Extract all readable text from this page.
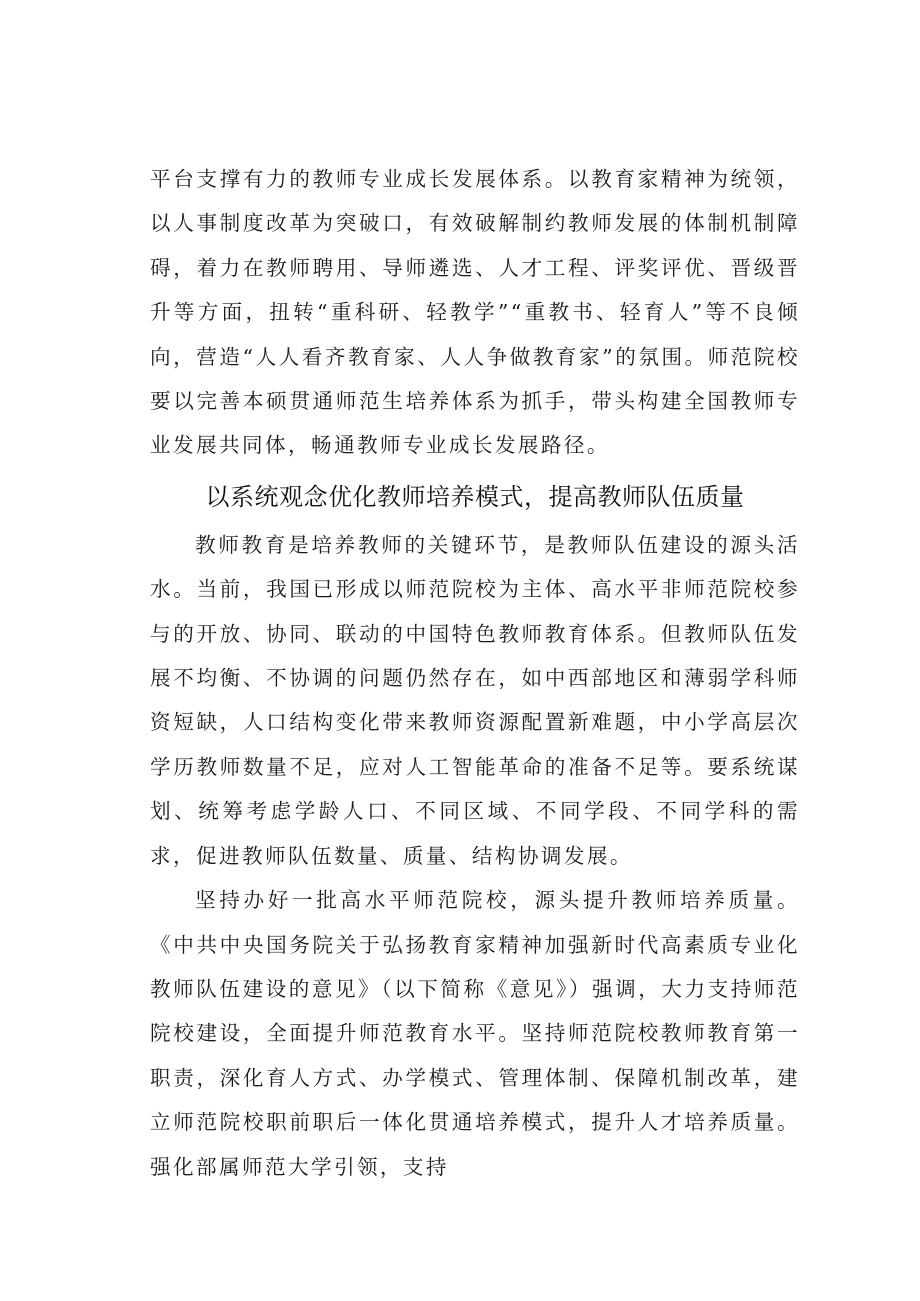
平台支撑有力的教师专业成长发展体系。以教育家精神为统领，以人事制度改革为突破口，有效破解制约教师发展的体制机制障碍，着力在教师聘用、导师遴选、人才工程、评奖评优、晋级晋升等方面，扭转“重科研、轻教学”“重教书、轻育人”等不良倾向，营造“人人看齐教育家、人人争做教育家”的氛围。师范院校要以完善本硕贯通师范生培养体系为抓手，带头构建全国教师专业发展共同体，畅通教师专业成长发展路径。

以系统观念优化教师培养模式，提高教师队伍质量

教师教育是培养教师的关键环节，是教师队伍建设的源头活水。当前，我国已形成以师范院校为主体、高水平非师范院校参与的开放、协同、联动的中国特色教师教育体系。但教师队伍发展不均衡、不协调的问题仍然存在，如中西部地区和薄弱学科师资短缺，人口结构变化带来教师资源配置新难题，中小学高层次学历教师数量不足，应对人工智能革命的准备不足等。要系统谋划、统筹考虑学龄人口、不同区域、不同学段、不同学科的需求，促进教师队伍数量、质量、结构协调发展。

坚持办好一批高水平师范院校，源头提升教师培养质量。《中共中央国务院关于弘扬教育家精神加强新时代高素质专业化教师队伍建设的意见》（以下简称《意见》）强调，大力支持师范院校建设，全面提升师范教育水平。坚持师范院校教师教育第一职责，深化育人方式、办学模式、管理体制、保障机制改革，建立师范院校职前职后一体化贯通培养模式，提升人才培养质量。强化部属师范大学引领，支持
